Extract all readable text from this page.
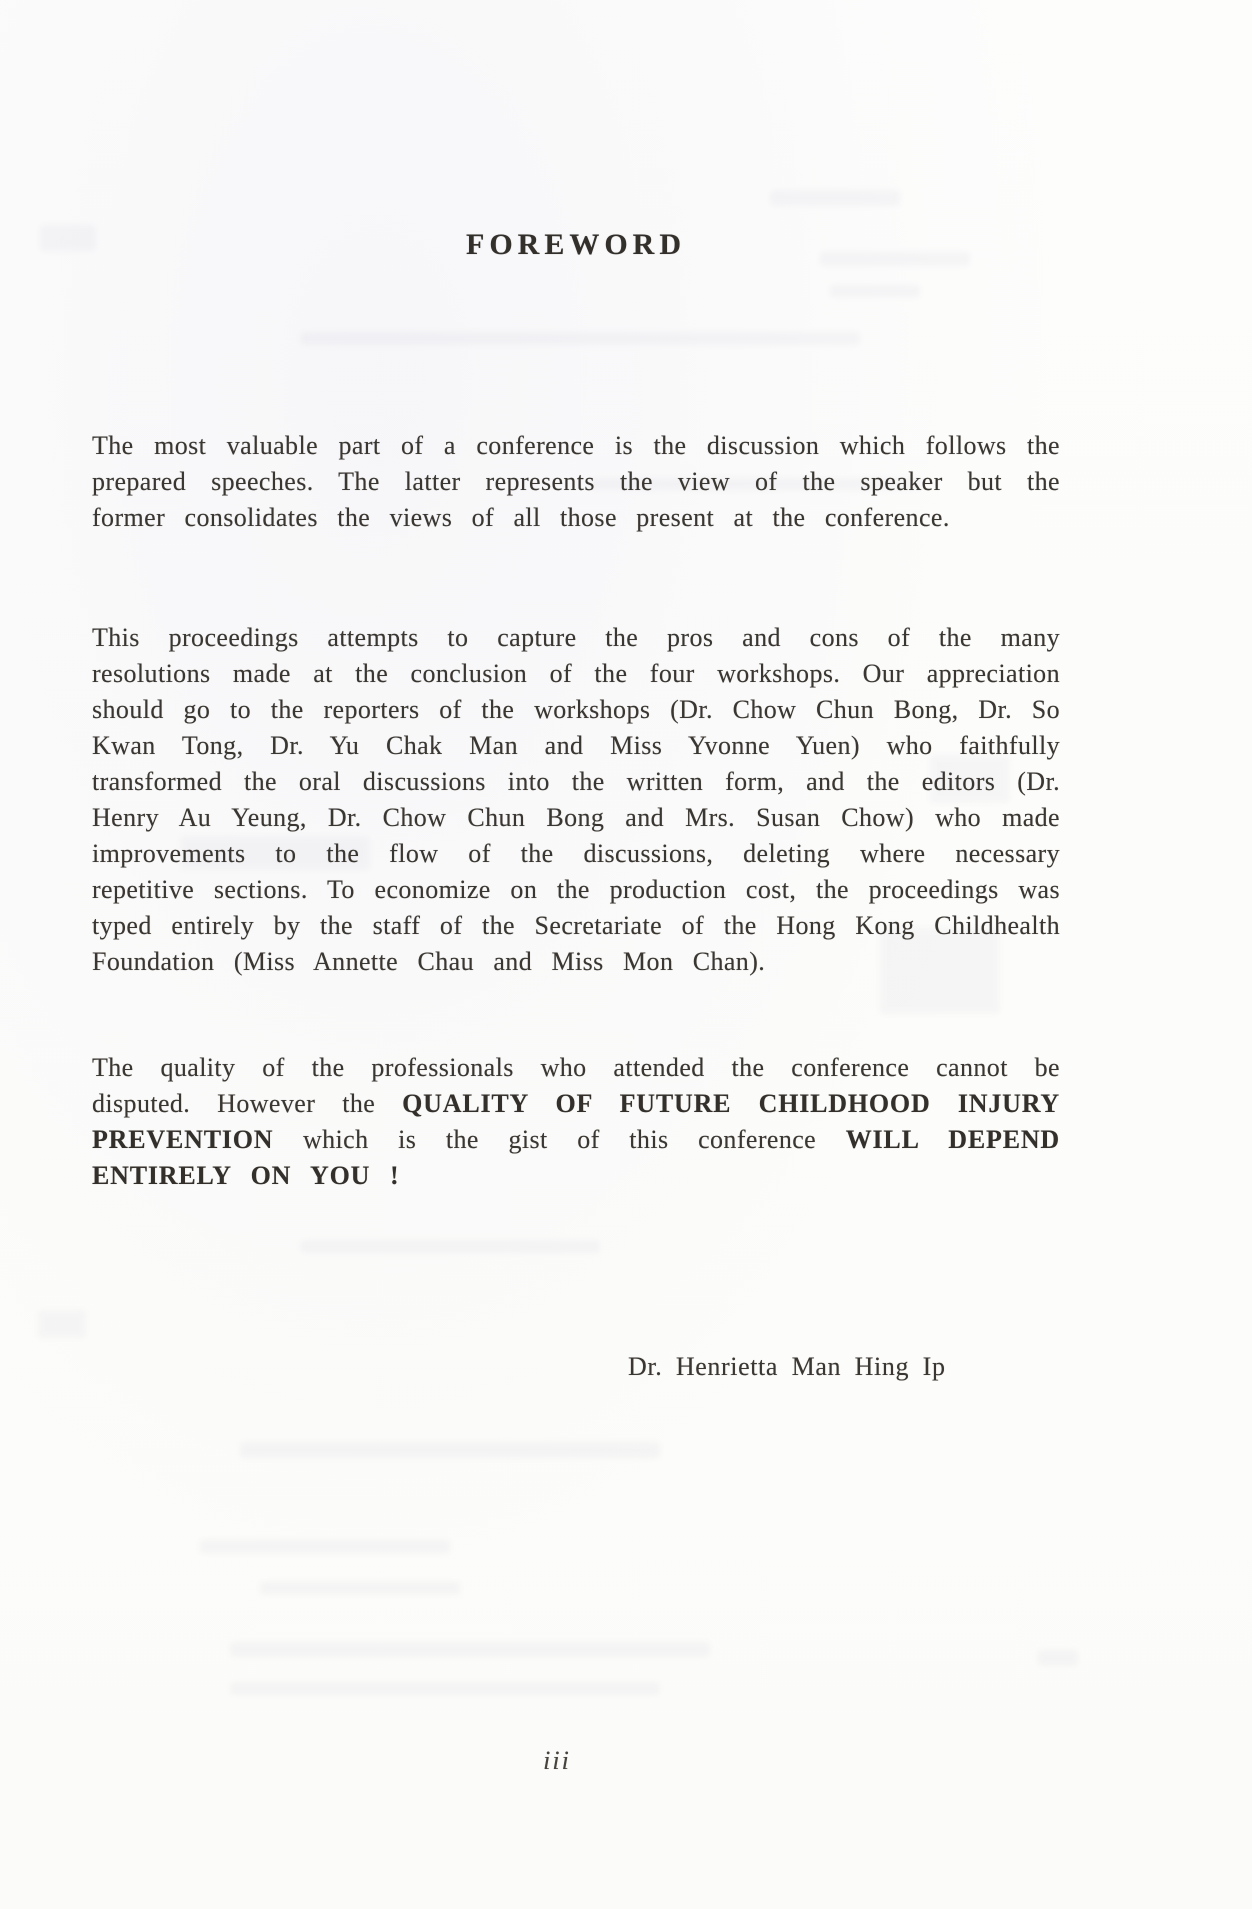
FOREWORD

The most valuable part of a conference is the discussion which follows the prepared speeches. The latter represents the view of the speaker but the former consolidates the views of all those present at the conference.

This proceedings attempts to capture the pros and cons of the many resolutions made at the conclusion of the four workshops. Our appreciation should go to the reporters of the workshops (Dr. Chow Chun Bong, Dr. So Kwan Tong, Dr. Yu Chak Man and Miss Yvonne Yuen) who faithfully transformed the oral discussions into the written form, and the editors (Dr. Henry Au Yeung, Dr. Chow Chun Bong and Mrs. Susan Chow) who made improvements to the flow of the discussions, deleting where necessary repetitive sections. To economize on the production cost, the proceedings was typed entirely by the staff of the Secretariate of the Hong Kong Childhealth Foundation (Miss Annette Chau and Miss Mon Chan).

The quality of the professionals who attended the conference cannot be disputed. However the QUALITY OF FUTURE CHILDHOOD INJURY PREVENTION which is the gist of this conference WILL DEPEND ENTIRELY ON YOU !

Dr. Henrietta Man Hing Ip
iii
